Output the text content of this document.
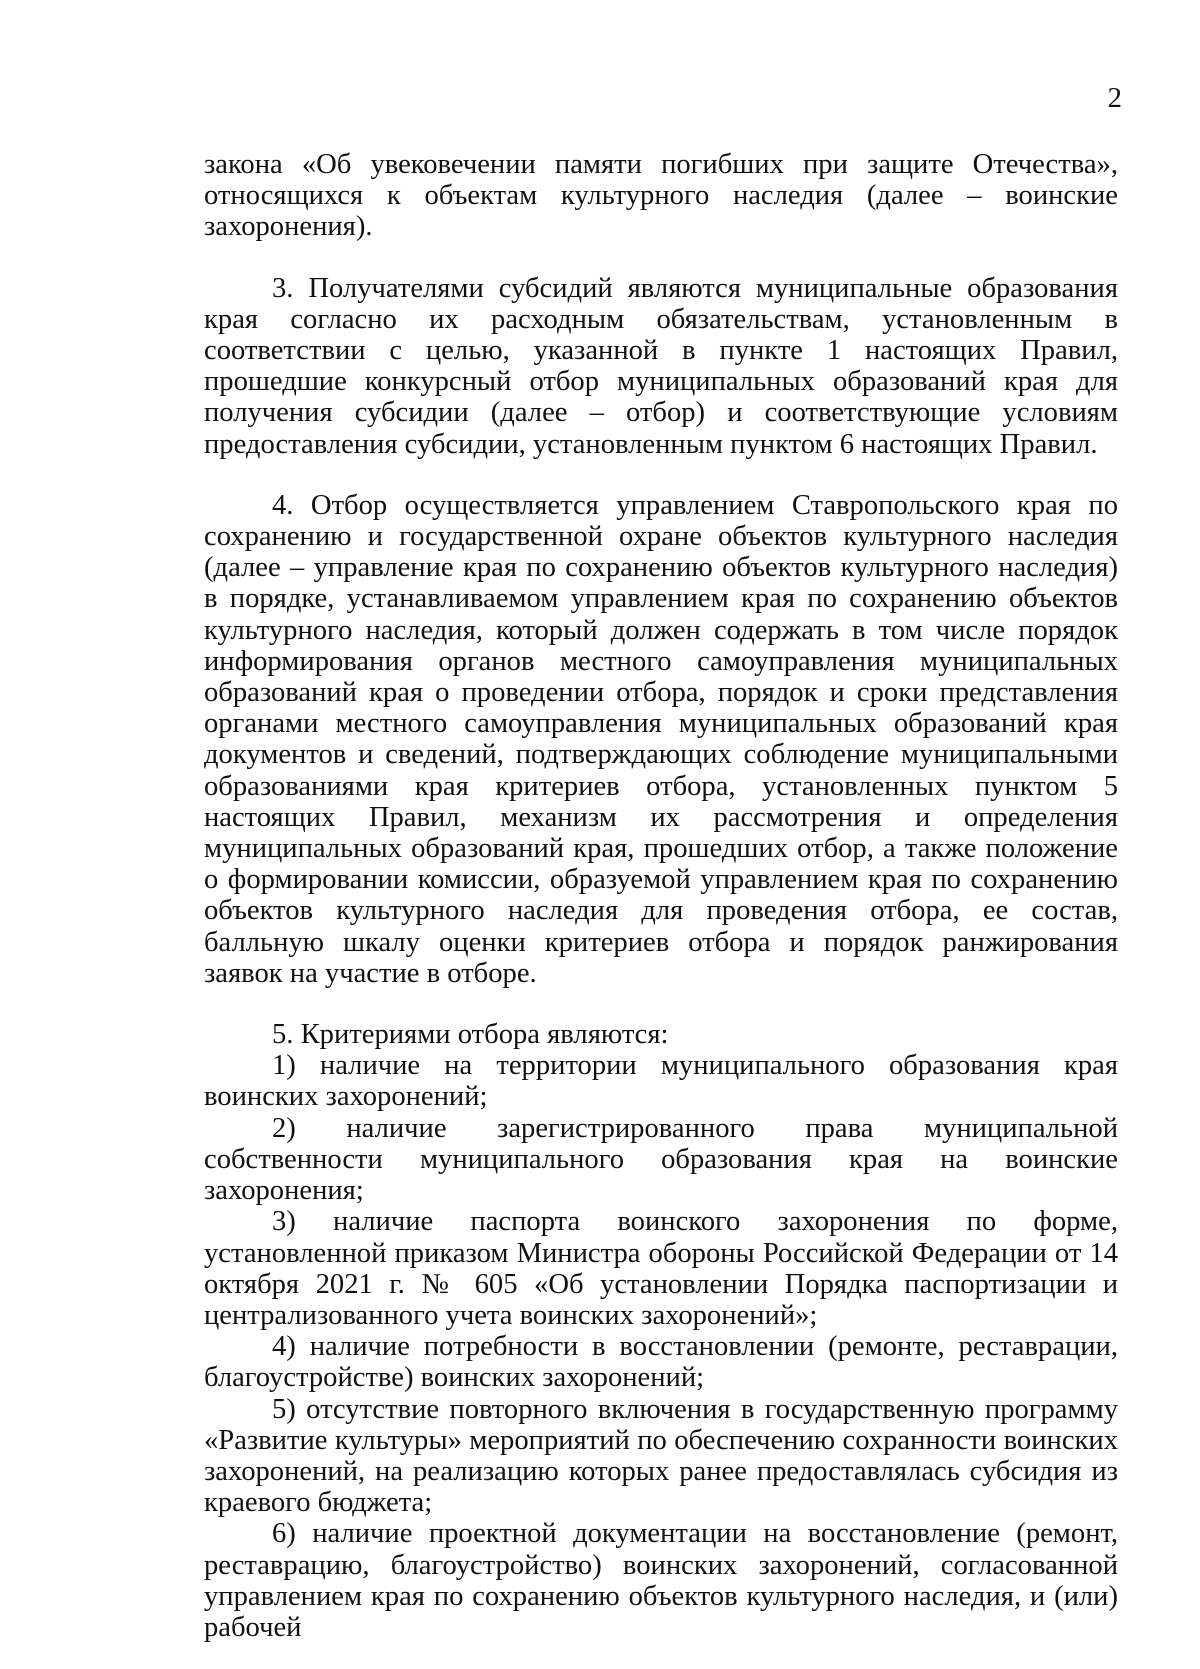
2

закона «Об увековечении памяти погибших при защите Отечества», относящихся к объектам культурного наследия (далее – воинские захоронения).

3. Получателями субсидий являются муниципальные образования края согласно их расходным обязательствам, установленным в соответствии с целью, указанной в пункте 1 настоящих Правил, прошедшие конкурсный отбор муниципальных образований края для получения субсидии (далее – отбор) и соответствующие условиям предоставления субсидии, установленным пунктом 6 настоящих Правил.

4. Отбор осуществляется управлением Ставропольского края по сохранению и государственной охране объектов культурного наследия (далее – управление края по сохранению объектов культурного наследия) в порядке, устанавливаемом управлением края по сохранению объектов культурного наследия, который должен содержать в том числе порядок информирования органов местного самоуправления муниципальных образований края о проведении отбора, порядок и сроки представления органами местного самоуправления муниципальных образований края документов и сведений, подтверждающих соблюдение муниципальными образованиями края критериев отбора, установленных пунктом 5 настоящих Правил, механизм их рассмотрения и определения муниципальных образований края, прошедших отбор, а также положение о формировании комиссии, образуемой управлением края по сохранению объектов культурного наследия для проведения отбора, ее состав, балльную шкалу оценки критериев отбора и порядок ранжирования заявок на участие в отборе.

5. Критериями отбора являются:

1) наличие на территории муниципального образования края воинских захоронений;

2) наличие зарегистрированного права муниципальной собственности муниципального образования края на воинские захоронения;

3) наличие паспорта воинского захоронения по форме, установленной приказом Министра обороны Российской Федерации от 14 октября 2021 г. № 605 «Об установлении Порядка паспортизации и централизованного учета воинских захоронений»;

4) наличие потребности в восстановлении (ремонте, реставрации, благоустройстве) воинских захоронений;

5) отсутствие повторного включения в государственную программу «Развитие культуры» мероприятий по обеспечению сохранности воинских захоронений, на реализацию которых ранее предоставлялась субсидия из краевого бюджета;

6) наличие проектной документации на восстановление (ремонт, реставрацию, благоустройство) воинских захоронений, согласованной управлением края по сохранению объектов культурного наследия, и (или) рабочей
